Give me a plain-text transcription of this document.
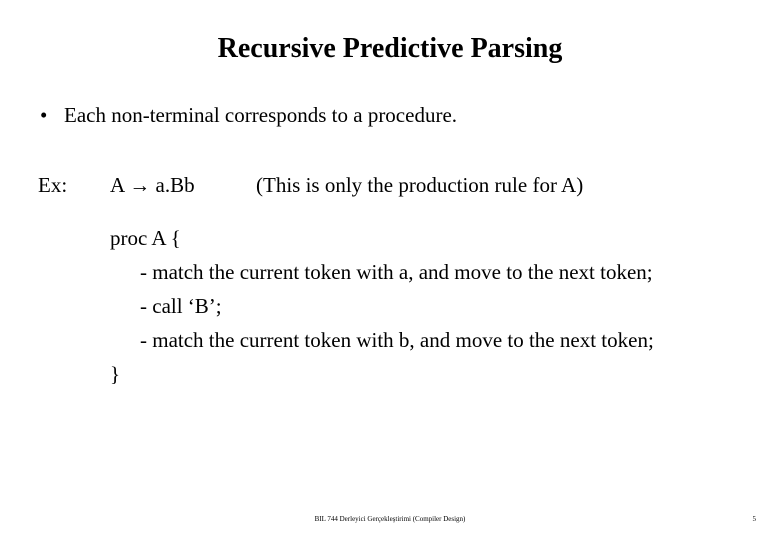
Recursive Predictive Parsing
• Each non-terminal corresponds to a procedure.
Ex: A → a.Bb	(This is only the production rule for A)
proc A {
- match the current token with a, and move to the next token;
- call ‘B’;
- match the current token with b, and move to the next token;
}
BIL 744 Derleyici Gerçekleştirimi (Compiler Design)	5
